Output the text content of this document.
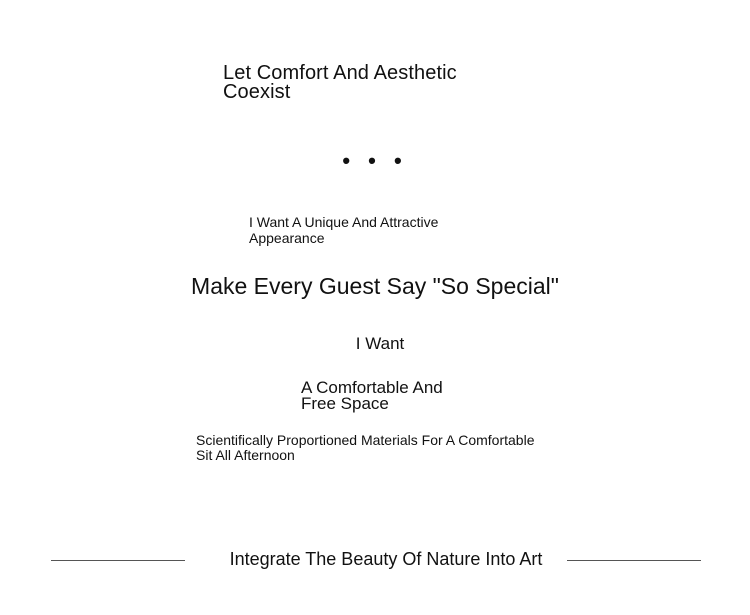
Let Comfort And Aesthetic
Coexist
• • •
I Want A Unique And Attractive
Appearance
Make Every Guest Say "So Special"
I Want
A Comfortable And
Free Space
Scientifically Proportioned Materials For A Comfortable
Sit All Afternoon
Integrate The Beauty Of Nature Into Art
